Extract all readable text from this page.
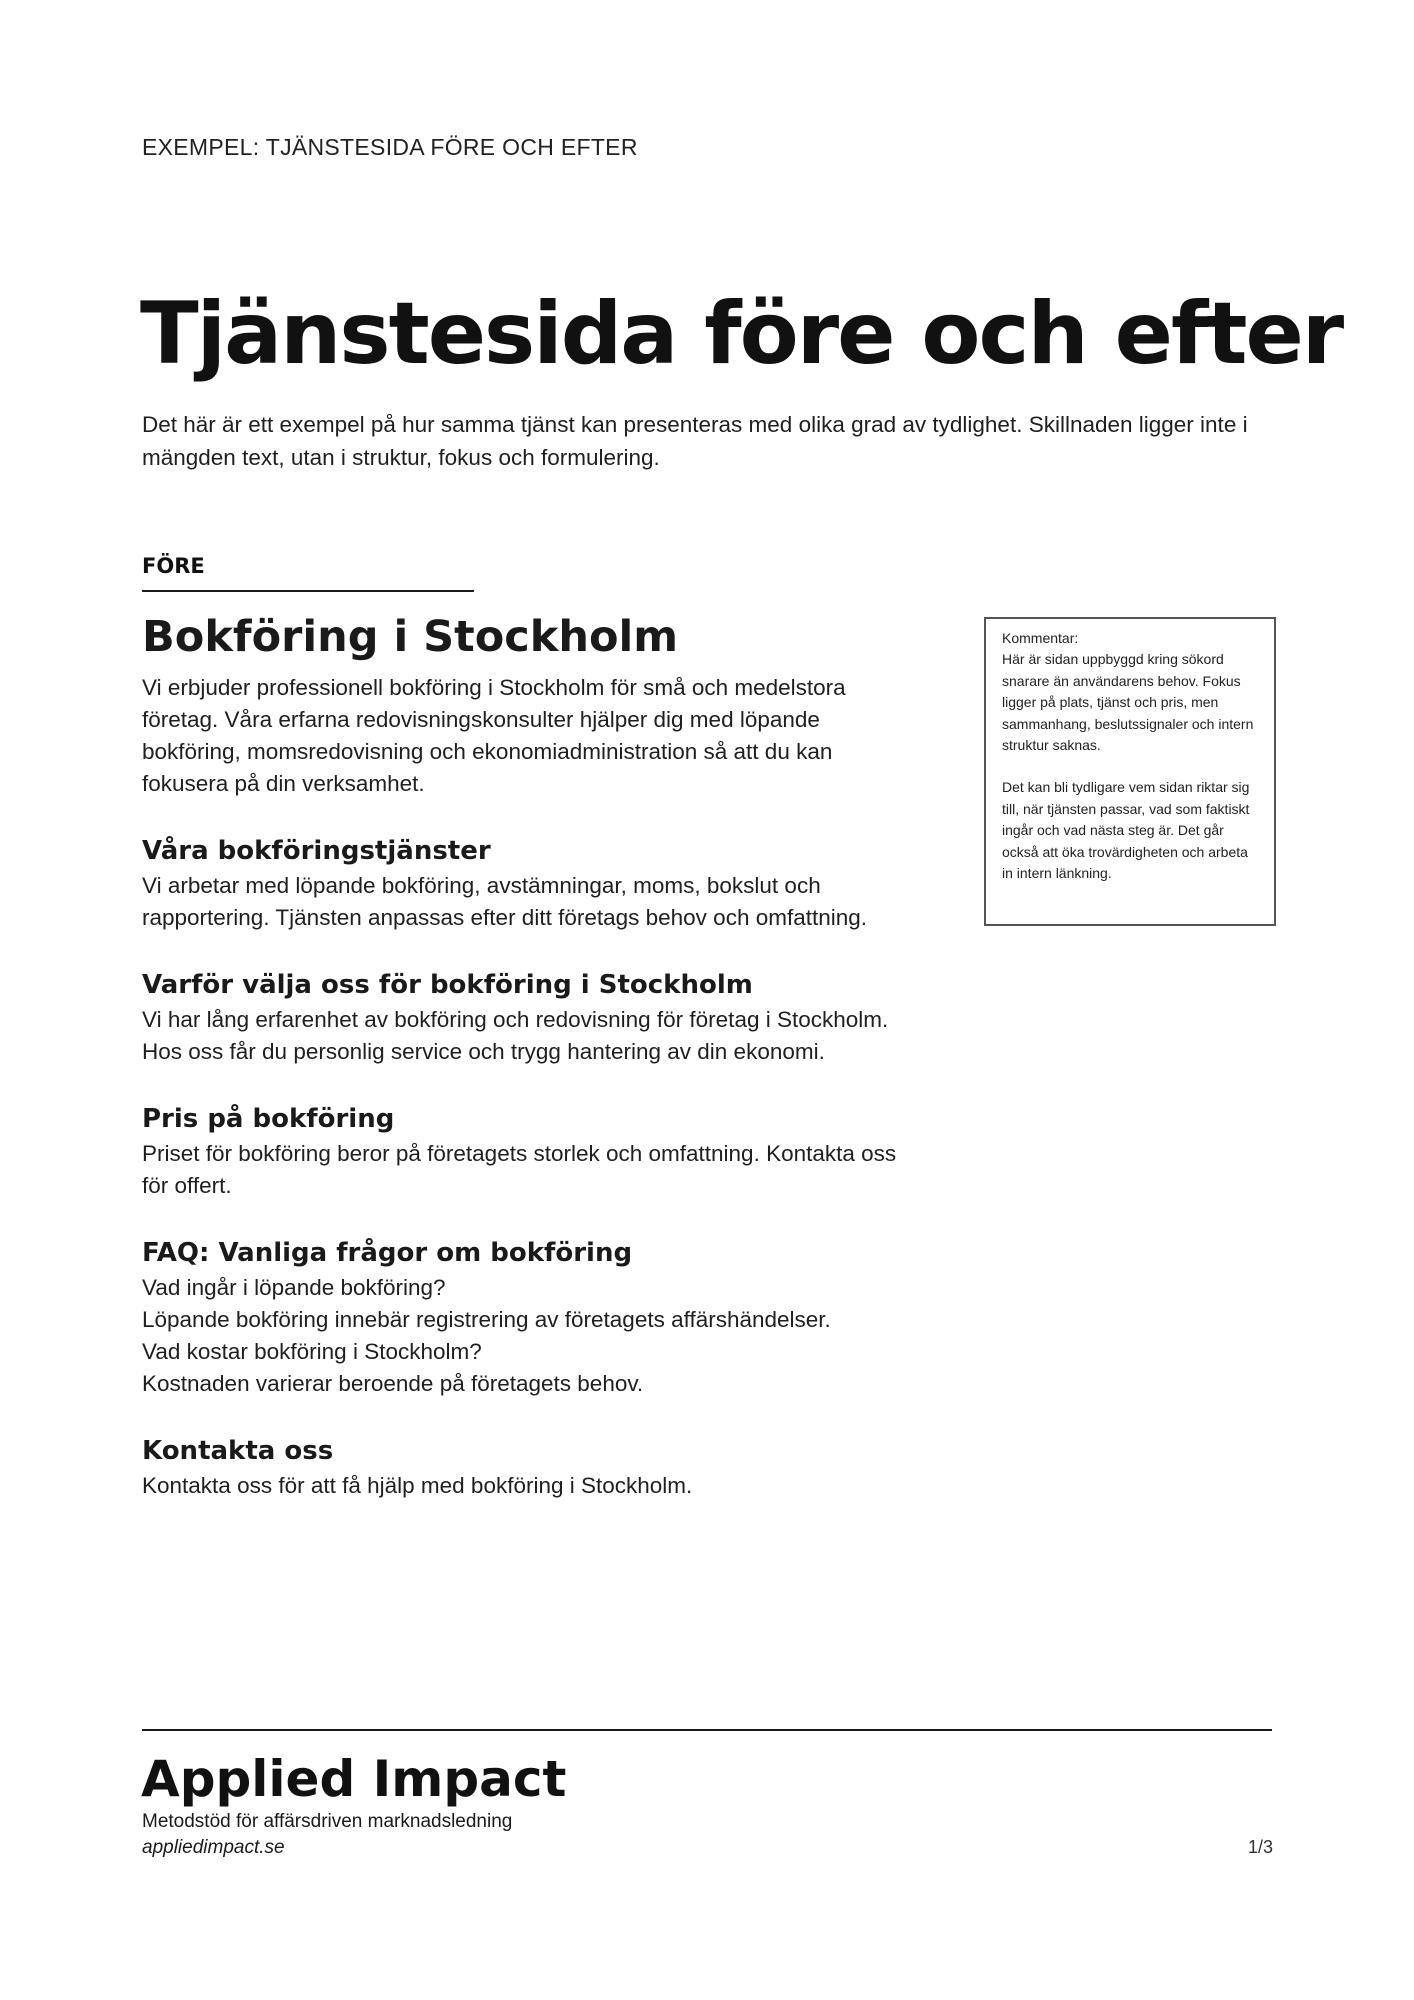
EXEMPEL: TJÄNSTESIDA FÖRE OCH EFTER
Tjänstesida före och efter

Det här är ett exempel på hur samma tjänst kan presenteras med olika grad av tydlighet. Skillnaden ligger inte i mängden text, utan i struktur, fokus och formulering.

FÖRE
Bokföring i Stockholm

Vi erbjuder professionell bokföring i Stockholm för små och medelstora företag. Våra erfarna redovisningskonsulter hjälper dig med löpande bokföring, momsredovisning och ekonomiadministration så att du kan fokusera på din verksamhet.

Våra bokföringstjänster

Vi arbetar med löpande bokföring, avstämningar, moms, bokslut och rapportering. Tjänsten anpassas efter ditt företags behov och omfattning.

Varför välja oss för bokföring i Stockholm

Vi har lång erfarenhet av bokföring och redovisning för företag i Stockholm. Hos oss får du personlig service och trygg hantering av din ekonomi.

Pris på bokföring

Priset för bokföring beror på företagets storlek och omfattning. Kontakta oss för offert.

FAQ: Vanliga frågor om bokföring

Vad ingår i löpande bokföring?
Löpande bokföring innebär registrering av företagets affärshändelser.
Vad kostar bokföring i Stockholm?
Kostnaden varierar beroende på företagets behov.

Kontakta oss

Kontakta oss för att få hjälp med bokföring i Stockholm.

Kommentar:

Här är sidan uppbyggd kring sökord snarare än användarens behov. Fokus ligger på plats, tjänst och pris, men sammanhang, beslutssignaler och intern struktur saknas.

Det kan bli tydligare vem sidan riktar sig till, när tjänsten passar, vad som faktiskt ingår och vad nästa steg är. Det går också att öka trovärdigheten och arbeta in intern länkning.

Applied Impact
Metodstöd för affärsdriven marknadsledning
appliedimpact.se	1/3
